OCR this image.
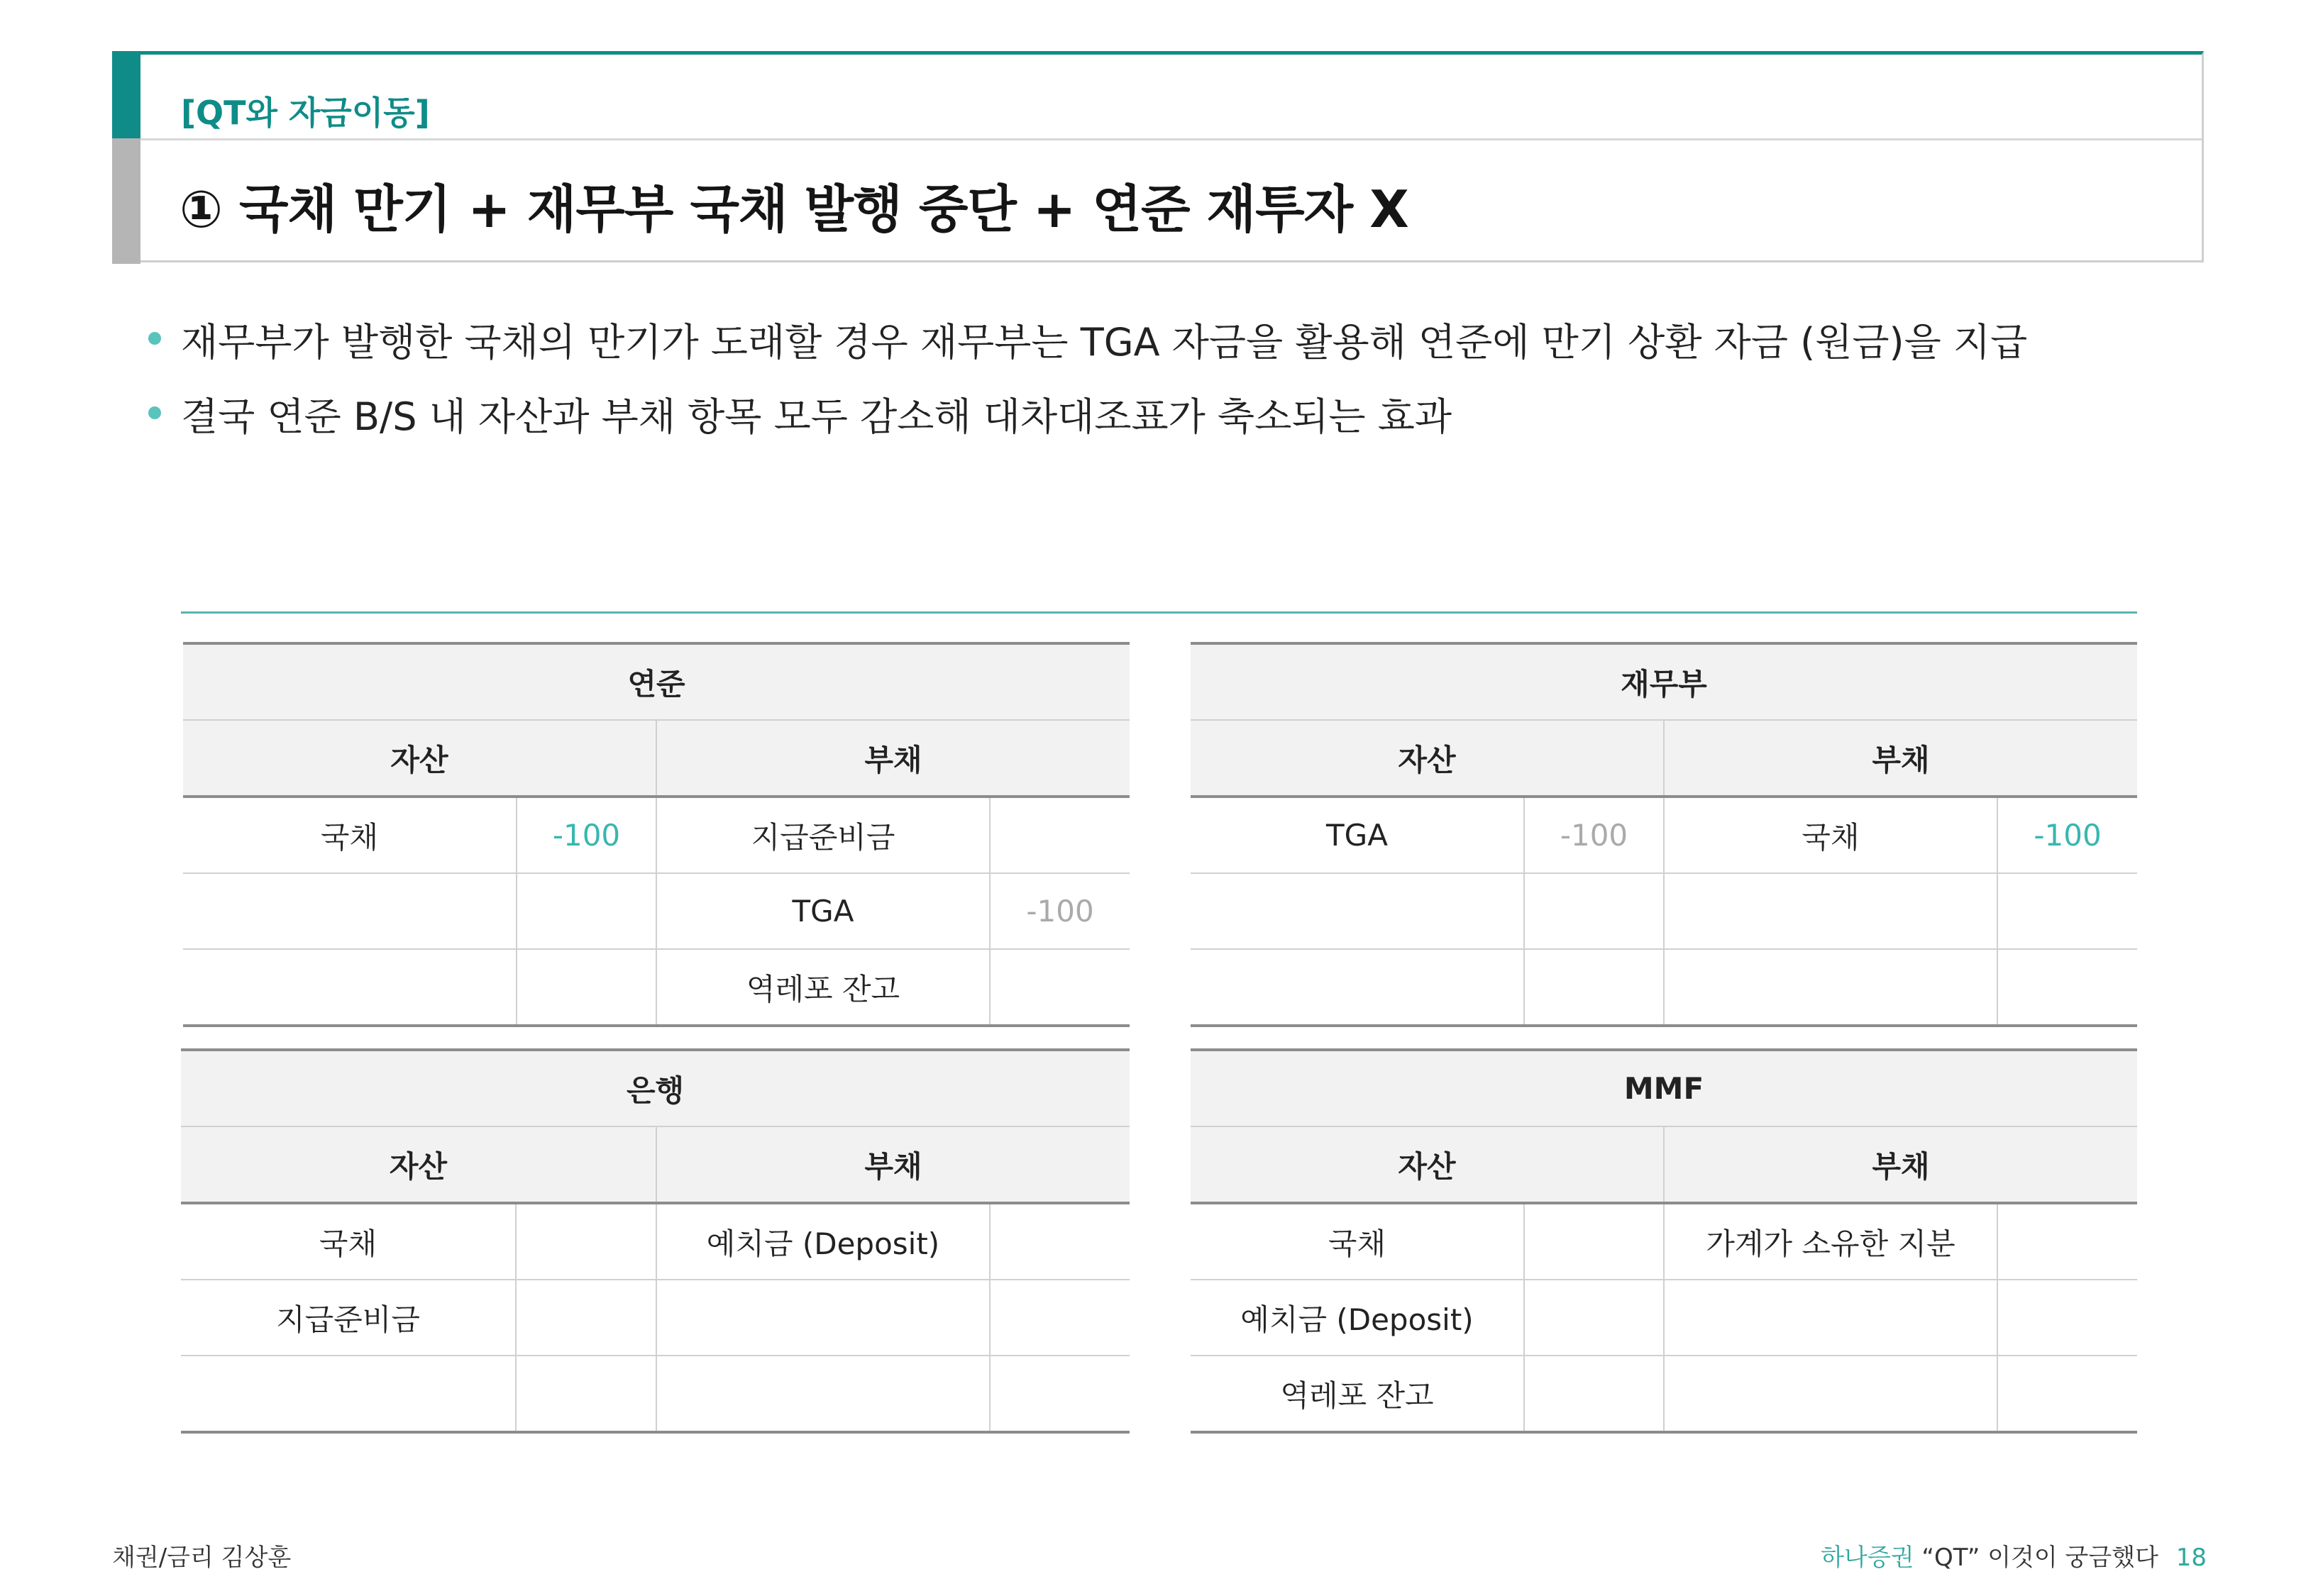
[QT와 자금이동]
① 국채 만기 + 재무부 국채 발행 중단 + 연준 재투자 X
재무부가 발행한 국채의 만기가 도래할 경우 재무부는 TGA 자금을 활용해 연준에 만기 상환 자금 (원금)을 지급
결국 연준 B/S 내 자산과 부채 항목 모두 감소해 대차대조표가 축소되는 효과
연준			
자산		부채	
국채	-100	지급준비금	
		TGA	-100
		역레포 잔고	
재무부			
자산		부채	
TGA	-100	국채	-100

은행			
자산		부채	
국채		예치금 (Deposit)	
지급준비금			

MMF			
자산		부채	
국채		가계가 소유한 지분	
예치금 (Deposit)			
역레포 잔고			
채권/금리 김상훈	하나증권 “QT” 이것이 궁금했다 18
